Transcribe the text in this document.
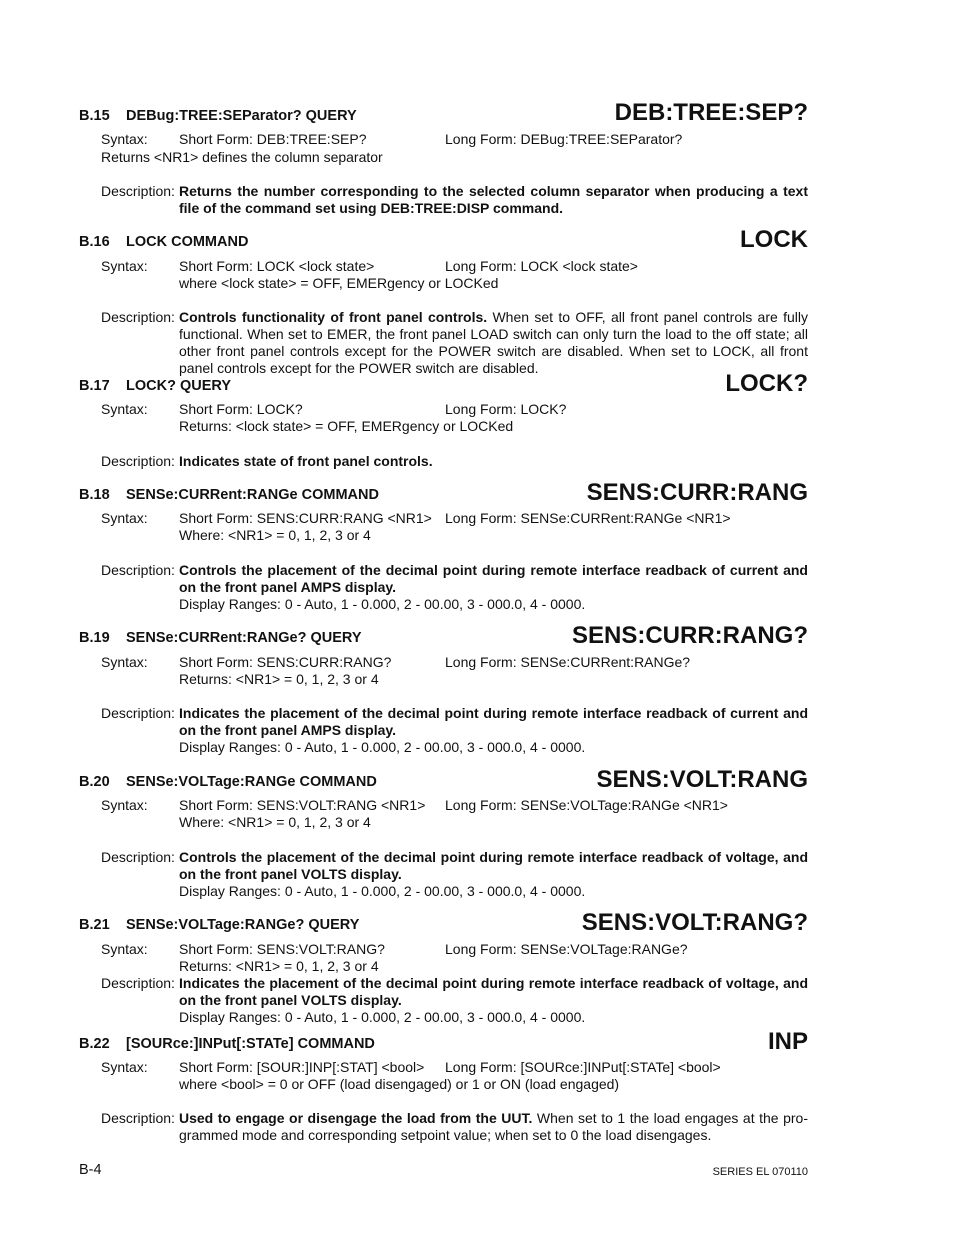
B.15 DEBug:TREE:SEParator? QUERY	DEB:TREE:SEP?
Syntax: Short Form: DEB:TREE:SEP?	Long Form: DEBug:TREE:SEParator?
Returns <NR1> defines the column separator
Description: Returns the number corresponding to the selected column separator when producing a text file of the command set using DEB:TREE:DISP command.
B.16 LOCK COMMAND	LOCK
Syntax: Short Form: LOCK <lock state>	Long Form: LOCK <lock state>
where <lock state> = OFF, EMERgency or LOCKed
Description: Controls functionality of front panel controls. When set to OFF, all front panel controls are fully functional. When set to EMER, the front panel LOAD switch can only turn the load to the off state; all other front panel controls except for the POWER switch are disabled. When set to LOCK, all front panel controls except for the POWER switch are disabled.
B.17 LOCK? QUERY	LOCK?
Syntax: Short Form: LOCK?	Long Form: LOCK?
Returns: <lock state> = OFF, EMERgency or LOCKed
Description: Indicates state of front panel controls.
B.18 SENSe:CURRent:RANGe COMMAND	SENS:CURR:RANG
Syntax: Short Form: SENS:CURR:RANG <NR1> Long Form: SENSe:CURRent:RANGe <NR1>
Where: <NR1> = 0, 1, 2, 3 or 4
Description: Controls the placement of the decimal point during remote interface readback of current and on the front panel AMPS display.
Display Ranges: 0 - Auto, 1 - 0.000, 2 - 00.00, 3 - 000.0, 4 - 0000.
B.19 SENSe:CURRent:RANGe? QUERY	SENS:CURR:RANG?
Syntax: Short Form: SENS:CURR:RANG?	Long Form: SENSe:CURRent:RANGe?
Returns: <NR1> = 0, 1, 2, 3 or 4
Description: Indicates the placement of the decimal point during remote interface readback of current and on the front panel AMPS display.
Display Ranges: 0 - Auto, 1 - 0.000, 2 - 00.00, 3 - 000.0, 4 - 0000.
B.20 SENSe:VOLTage:RANGe COMMAND	SENS:VOLT:RANG
Syntax: Short Form: SENS:VOLT:RANG <NR1> Long Form: SENSe:VOLTage:RANGe <NR1>
Where: <NR1> = 0, 1, 2, 3 or 4
Description: Controls the placement of the decimal point during remote interface readback of voltage, and on the front panel VOLTS display.
Display Ranges: 0 - Auto, 1 - 0.000, 2 - 00.00, 3 - 000.0, 4 - 0000.
B.21 SENSe:VOLTage:RANGe? QUERY	SENS:VOLT:RANG?
Syntax: Short Form: SENS:VOLT:RANG?	Long Form: SENSe:VOLTage:RANGe?
Returns: <NR1> = 0, 1, 2, 3 or 4
Description: Indicates the placement of the decimal point during remote interface readback of voltage, and on the front panel VOLTS display.
Display Ranges: 0 - Auto, 1 - 0.000, 2 - 00.00, 3 - 000.0, 4 - 0000.
B.22 [SOURce:]INPut[:STATe] COMMAND	INP
Syntax: Short Form: [SOUR:]INP[:STAT] <bool> Long Form: [SOURce:]INPut[:STATe] <bool>
where <bool> = 0 or OFF (load disengaged) or 1 or ON (load engaged)
Description: Used to engage or disengage the load from the UUT. When set to 1 the load engages at the pro-grammed mode and corresponding setpoint value; when set to 0 the load disengages.
B-4	SERIES EL 070110
